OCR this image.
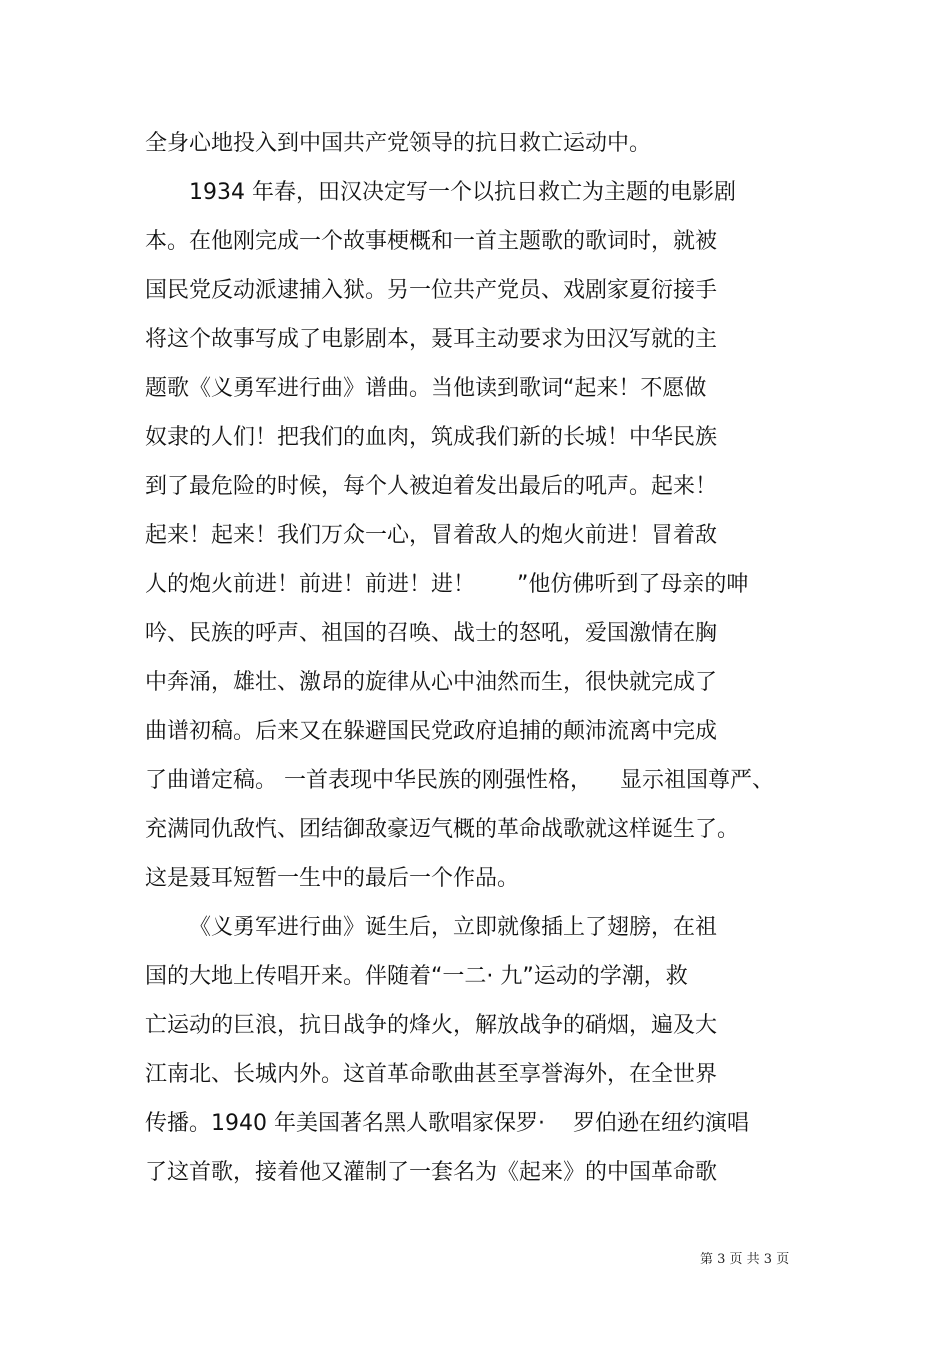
全身心地投入到中国共产党领导的抗日救亡运动中。

1934 年春，田汉决定写一个以抗日救亡为主题的电影剧

本。在他刚完成一个故事梗概和一首主题歌的歌词时，就被

国民党反动派逮捕入狱。另一位共产党员、戏剧家夏衍接手

将这个故事写成了电影剧本，聂耳主动要求为田汉写就的主

题歌《义勇军进行曲》谱曲。当他读到歌词“起来！不愿做

奴隶的人们！把我们的血肉，筑成我们新的长城！中华民族

到了最危险的时候，每个人被迫着发出最后的吼声。起来！

起来！起来！我们万众一心，冒着敌人的炮火前进！冒着敌

人的炮火前进！前进！前进！进！      ”他仿佛听到了母亲的呻

吟、民族的呼声、祖国的召唤、战士的怒吼，爱国激情在胸

中奔涌，雄壮、激昂的旋律从心中油然而生，很快就完成了

曲谱初稿。后来又在躲避国民党政府追捕的颠沛流离中完成

了曲谱定稿。 一首表现中华民族的刚强性格，    显示祖国尊严、

充满同仇敌忾、团结御敌豪迈气概的革命战歌就这样诞生了。

这是聂耳短暂一生中的最后一个作品。

《义勇军进行曲》诞生后，立即就像插上了翅膀，在祖

国的大地上传唱开来。伴随着“一二· 九”运动的学潮，救

亡运动的巨浪，抗日战争的烽火，解放战争的硝烟，遍及大

江南北、长城内外。这首革命歌曲甚至享誉海外，在全世界

传播。1940 年美国著名黑人歌唱家保罗·    罗伯逊在纽约演唱

了这首歌，接着他又灌制了一套名为《起来》的中国革命歌

第 3 页 共 3 页
